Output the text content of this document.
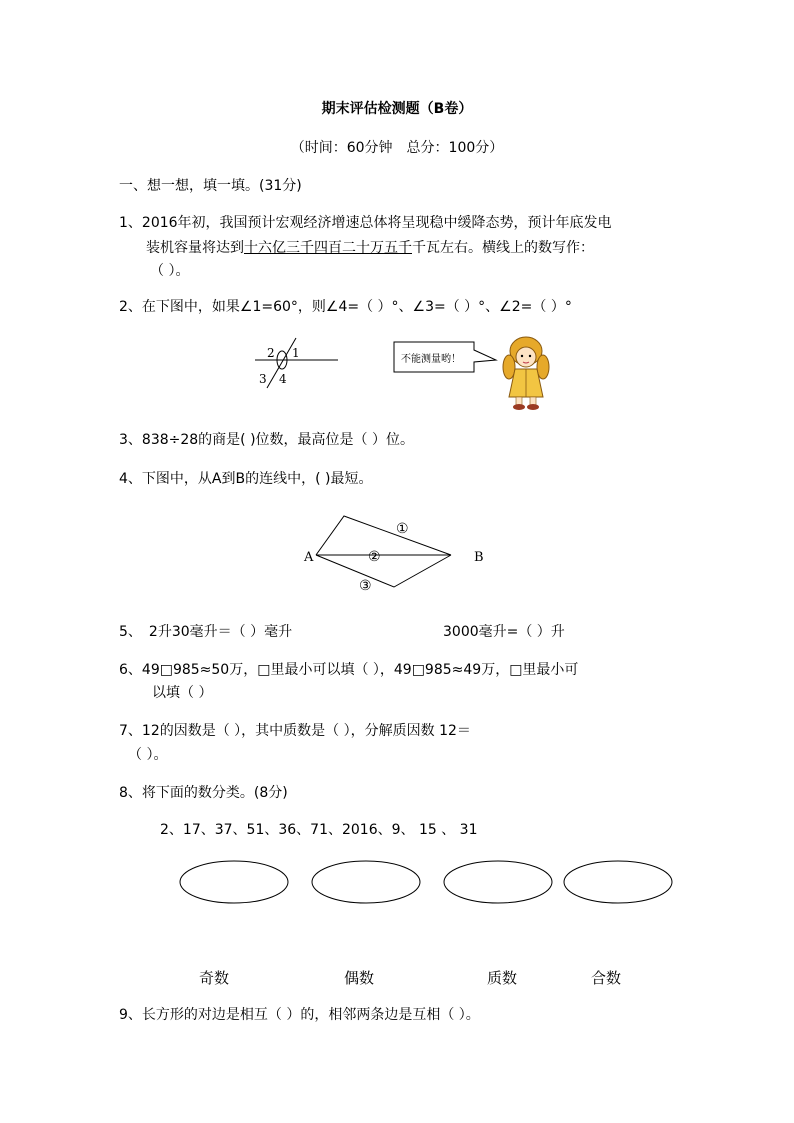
期末评估检测题（B卷）
（时间：60分钟　总分：100分）
一、想一想，填一填。(31分)
1、2016年初，我国预计宏观经济增速总体将呈现稳中缓降态势，预计年底发电
装机容量将达到十六亿三千四百二十万五千千瓦左右。横线上的数写作：
（ ）。
2、在下图中，如果∠1=60°，则∠4=（ ）°、∠3=（ ）°、∠2=（ ）°
2 1
3 4
不能测量哟！
3、838÷28的商是( )位数，最高位是（ ）位。
4、下图中，从A到B的连线中，( )最短。
A	B
①
②
③
5、　2升30毫升＝（ ）毫升	3000毫升=（ ）升
6、49□985≈50万，□里最小可以填（ ），49□985≈49万，□里最小可
以填（ ）
7、12的因数是（ ），其中质数是（ ），分解质因数 12＝
（ ）。
8、将下面的数分类。(8分)
2、17、37、51、36、71、2016、9、 15 、 31
奇数	偶数	质数	合数
9、长方形的对边是相互（ ）的，相邻两条边是互相（ ）。
